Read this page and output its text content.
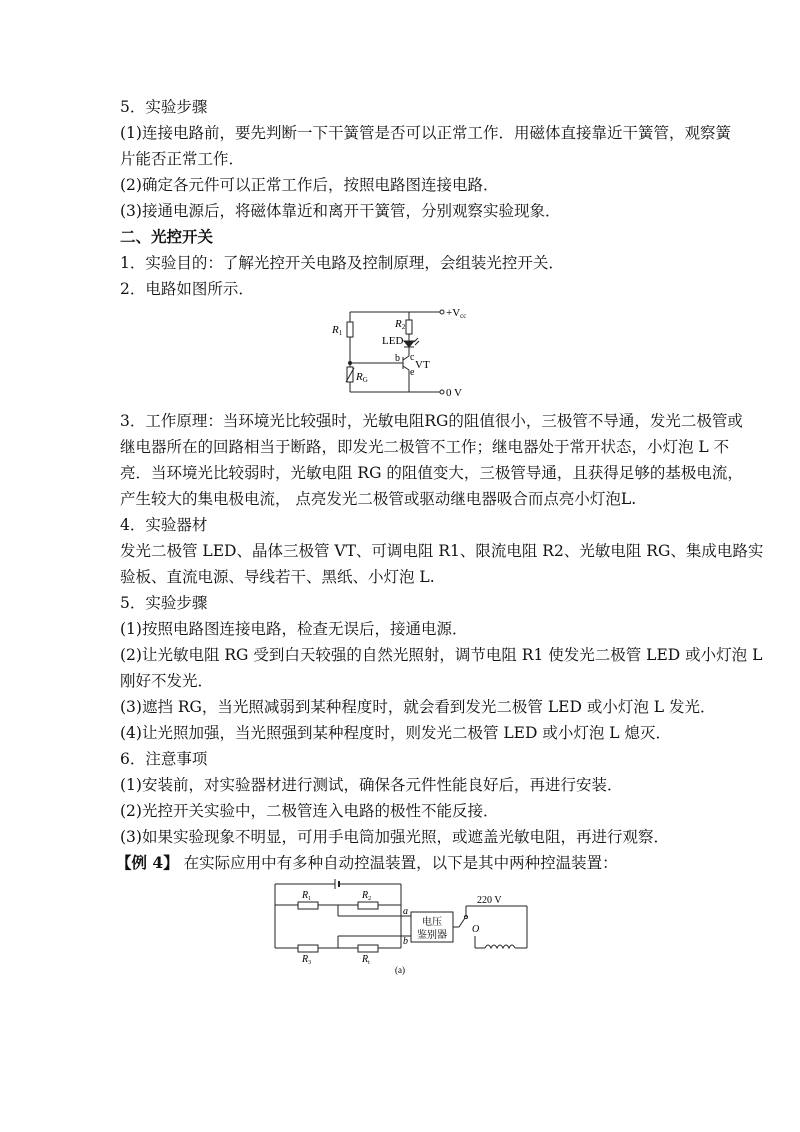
5．实验步骤
(1)连接电路前，要先判断一下干簧管是否可以正常工作．用磁体直接靠近干簧管，观察簧
片能否正常工作．
(2)确定各元件可以正常工作后，按照电路图连接电路．
(3)接通电源后，将磁体靠近和离开干簧管，分别观察实验现象．
二、光控开关
1．实验目的：了解光控开关电路及控制原理，会组装光控开关．
2．电路如图所示．
+Vcc
0 V
R1
R2
LED
b c
e
VT
RG
3．工作原理：当环境光比较强时，光敏电阻RG的阻值很小，三极管不导通，发光二极管或
继电器所在的回路相当于断路，即发光二极管不工作；继电器处于常开状态，小灯泡 L 不
亮．当环境光比较弱时，光敏电阻 RG 的阻值变大，三极管导通，且获得足够的基极电流，
产生较大的集电极电流， 点亮发光二极管或驱动继电器吸合而点亮小灯泡L.
4．实验器材
发光二极管 LED、晶体三极管 VT、可调电阻 R1、限流电阻 R2、光敏电阻 RG、集成电路实
验板、直流电源、导线若干、黑纸、小灯泡 L.
5．实验步骤
(1)按照电路图连接电路，检查无误后，接通电源．
(2)让光敏电阻 RG 受到白天较强的自然光照射，调节电阻 R1 使发光二极管 LED 或小灯泡 L
刚好不发光．
(3)遮挡 RG，当光照减弱到某种程度时，就会看到发光二极管 LED 或小灯泡 L 发光．
(4)让光照加强，当光照强到某种程度时，则发光二极管 LED 或小灯泡 L 熄灭．
6．注意事项
(1)安装前，对实验器材进行测试，确保各元件性能良好后，再进行安装．
(2)光控开关实验中，二极管连入电路的极性不能反接．
(3)如果实验现象不明显，可用手电筒加强光照，或遮盖光敏电阻，再进行观察．
【例 4】 在实际应用中有多种自动控温装置，以下是其中两种控温装置：
$R_1$	$R_2$
$R_3$	$R_t$
a
b
电压
鉴别器
220 V
O
(a)
